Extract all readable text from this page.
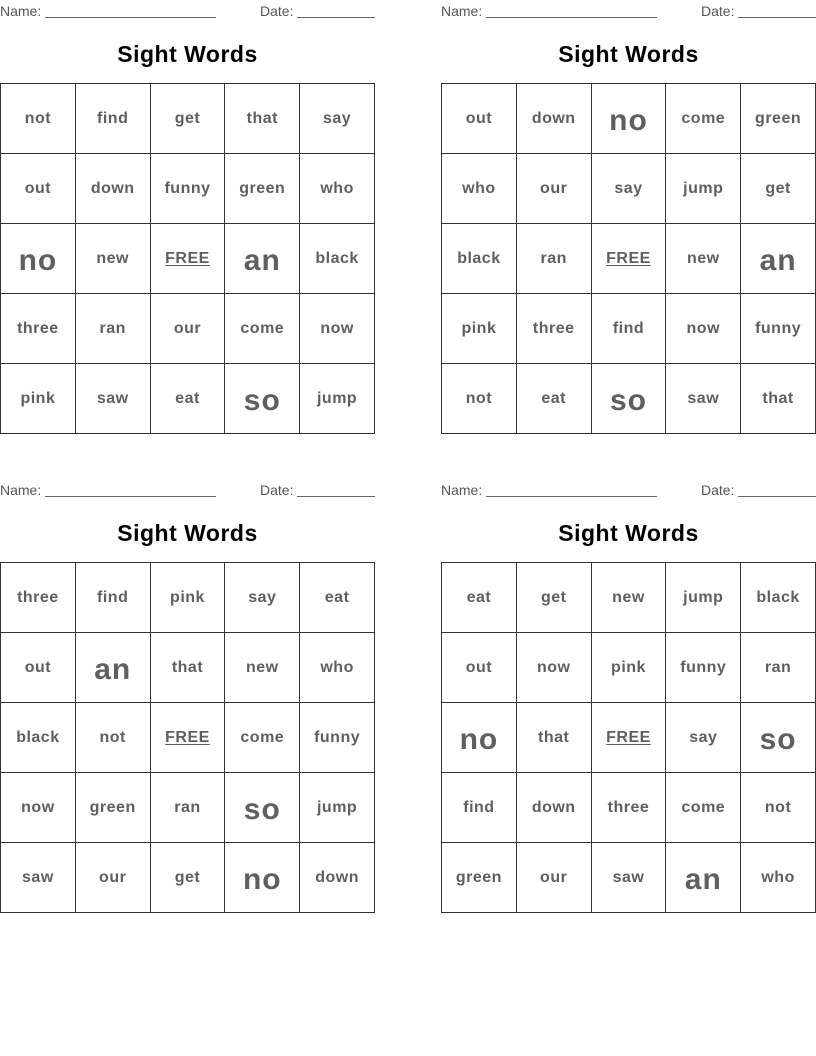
Name:	Date:
Sight Words
not	find	get	that	say
out	down	funny	green	who
no	new	FREE	an	black
three	ran	our	come	now
pink	saw	eat	so	jump
Name:	Date:
Sight Words
out	down	no	come	green
who	our	say	jump	get
black	ran	FREE	new	an
pink	three	find	now	funny
not	eat	so	saw	that
Name:	Date:
Sight Words
three	find	pink	say	eat
out	an	that	new	who
black	not	FREE	come	funny
now	green	ran	so	jump
saw	our	get	no	down
Name:	Date:
Sight Words
eat	get	new	jump	black
out	now	pink	funny	ran
no	that	FREE	say	so
find	down	three	come	not
green	our	saw	an	who
